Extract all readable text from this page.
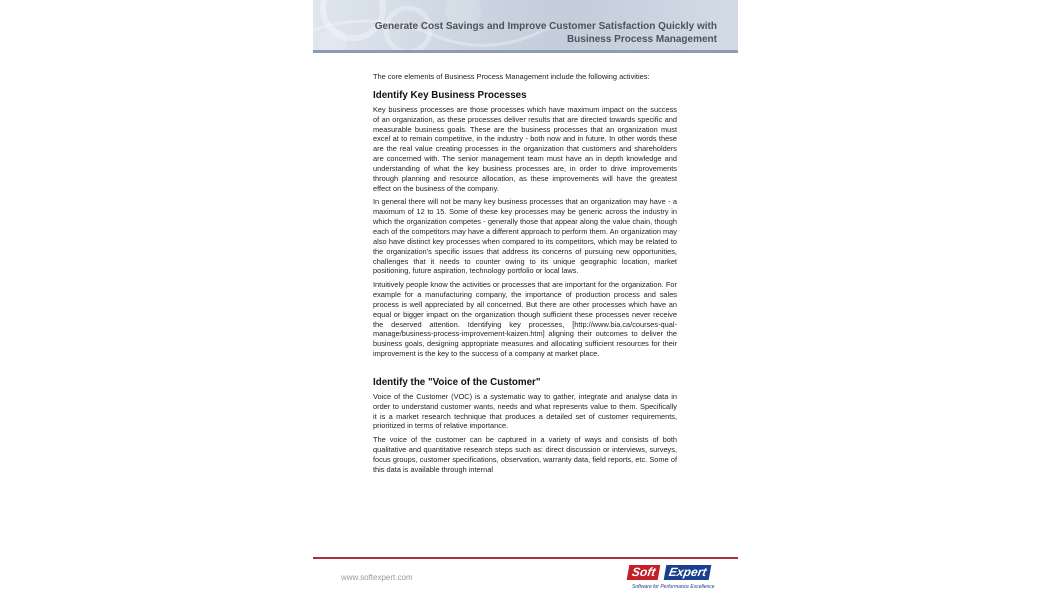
Generate Cost Savings and Improve Customer Satisfaction Quickly with
Business Process Management

The core elements of Business Process Management include the following activities:

Identify Key Business Processes

Key business processes are those processes which have maximum impact on the success of an organization, as these processes deliver results that are directed towards specific and measurable business goals. These are the business processes that an organization must excel at to remain competitive, in the industry - both now and in future. In other words these are the real value creating processes in the organization that customers and shareholders are concerned with. The senior management team must have an in depth knowledge and understanding of what the key business processes are, in order to drive improvements through planning and resource allocation, as these improvements will have the greatest effect on the business of the company.

In general there will not be many key business processes that an organization may have - a maximum of 12 to 15. Some of these key processes may be generic across the industry in which the organization competes - generally those that appear along the value chain, though each of the competitors may have a different approach to perform them. An organization may also have distinct key processes when compared to its competitors, which may be related to the organization's specific issues that address its concerns of pursuing new opportunities, challenges that it needs to counter owing to its unique geographic location, market positioning, future aspiration, technology portfolio or local laws.

Intuitively people know the activities or processes that are important for the organization. For example for a manufacturing company, the importance of production process and sales process is well appreciated by all concerned. But there are other processes which have an equal or bigger impact on the organization though sufficient these processes never receive the deserved attention. Identifying key processes, [http://www.bia.ca/courses-qual-manage/business-process-improvement-kaizen.htm] aligning their outcomes to deliver the business goals, designing appropriate measures and allocating sufficient resources for their improvement is the key to the success of a company at market place.

Identify the "Voice of the Customer"

Voice of the Customer (VOC) is a systematic way to gather, integrate and analyse data in order to understand customer wants, needs and what represents value to them. Specifically it is a market research technique that produces a detailed set of customer requirements, prioritized in terms of relative importance.

The voice of the customer can be captured in a variety of ways and consists of both qualitative and quantitative research steps such as: direct discussion or interviews, surveys, focus groups, customer specifications, observation, warranty data, field reports, etc. Some of this data is available through internal

www.softexpert.com	Soft Expert
Software for Performance Excellence
